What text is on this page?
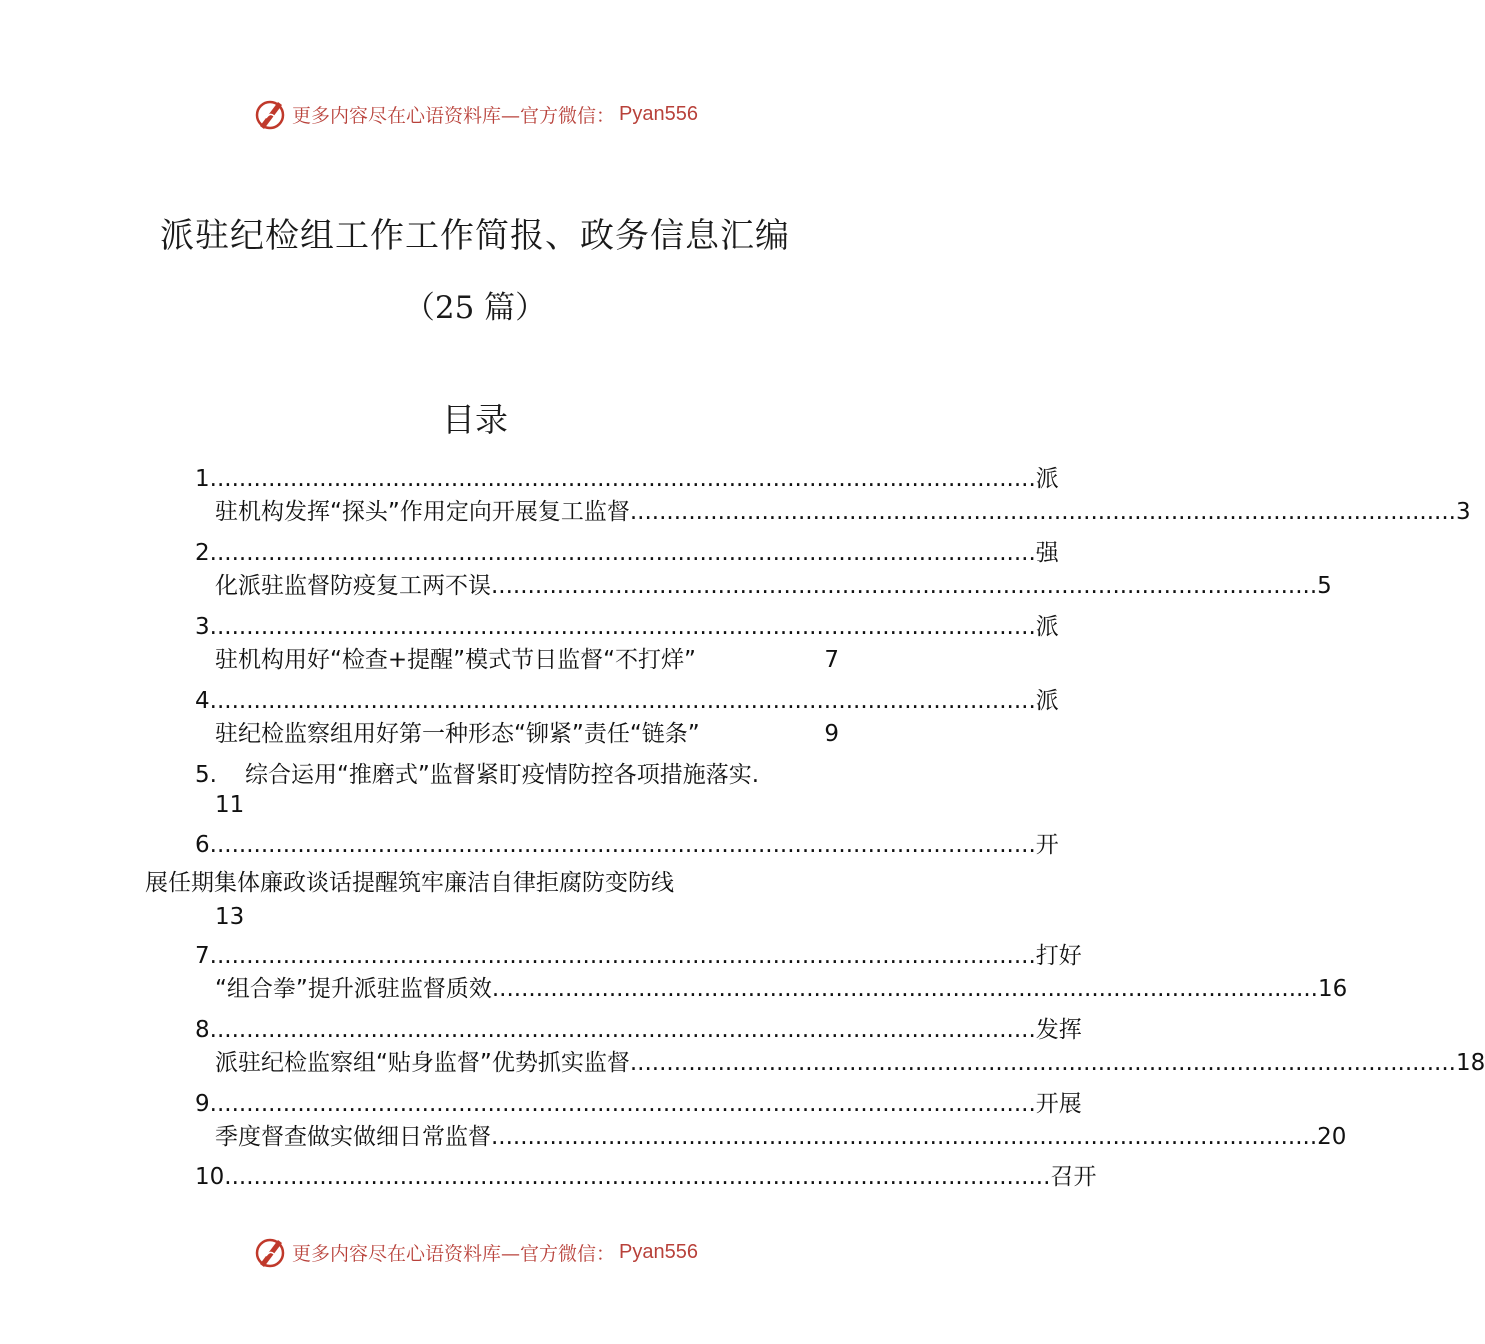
更多内容尽在心语资料库—官方微信： Pyan556
派驻纪检组工作工作简报、政务信息汇编
（25 篇）
目录
1 ................................................................................................................. 派
驻机构发挥“探头”作用定向开展复工监督 ................................................................................................................. 3
2 ................................................................................................................. 强
化派驻监督防疫复工两不误 ................................................................................................................. 5
3 ................................................................................................................. 派
驻机构用好“检查+提醒”模式节日监督“不打烊”	7
4 ................................................................................................................. 派
驻纪检监察组用好第一种形态“铆紧”责任“链条”	9
5. 综合运用“推磨式”监督紧盯疫情防控各项措施落实.
11
6 ................................................................................................................. 开
展任期集体廉政谈话提醒筑牢廉洁自律拒腐防变防线
13
7 ................................................................................................................. 打好
“组合拳”提升派驻监督质效 ................................................................................................................. 16
8 ................................................................................................................. 发挥
派驻纪检监察组“贴身监督”优势抓实监督 ................................................................................................................. 18
9 ................................................................................................................. 开展
季度督查做实做细日常监督 ................................................................................................................. 20
10 ................................................................................................................. 召开
更多内容尽在心语资料库—官方微信： Pyan556
